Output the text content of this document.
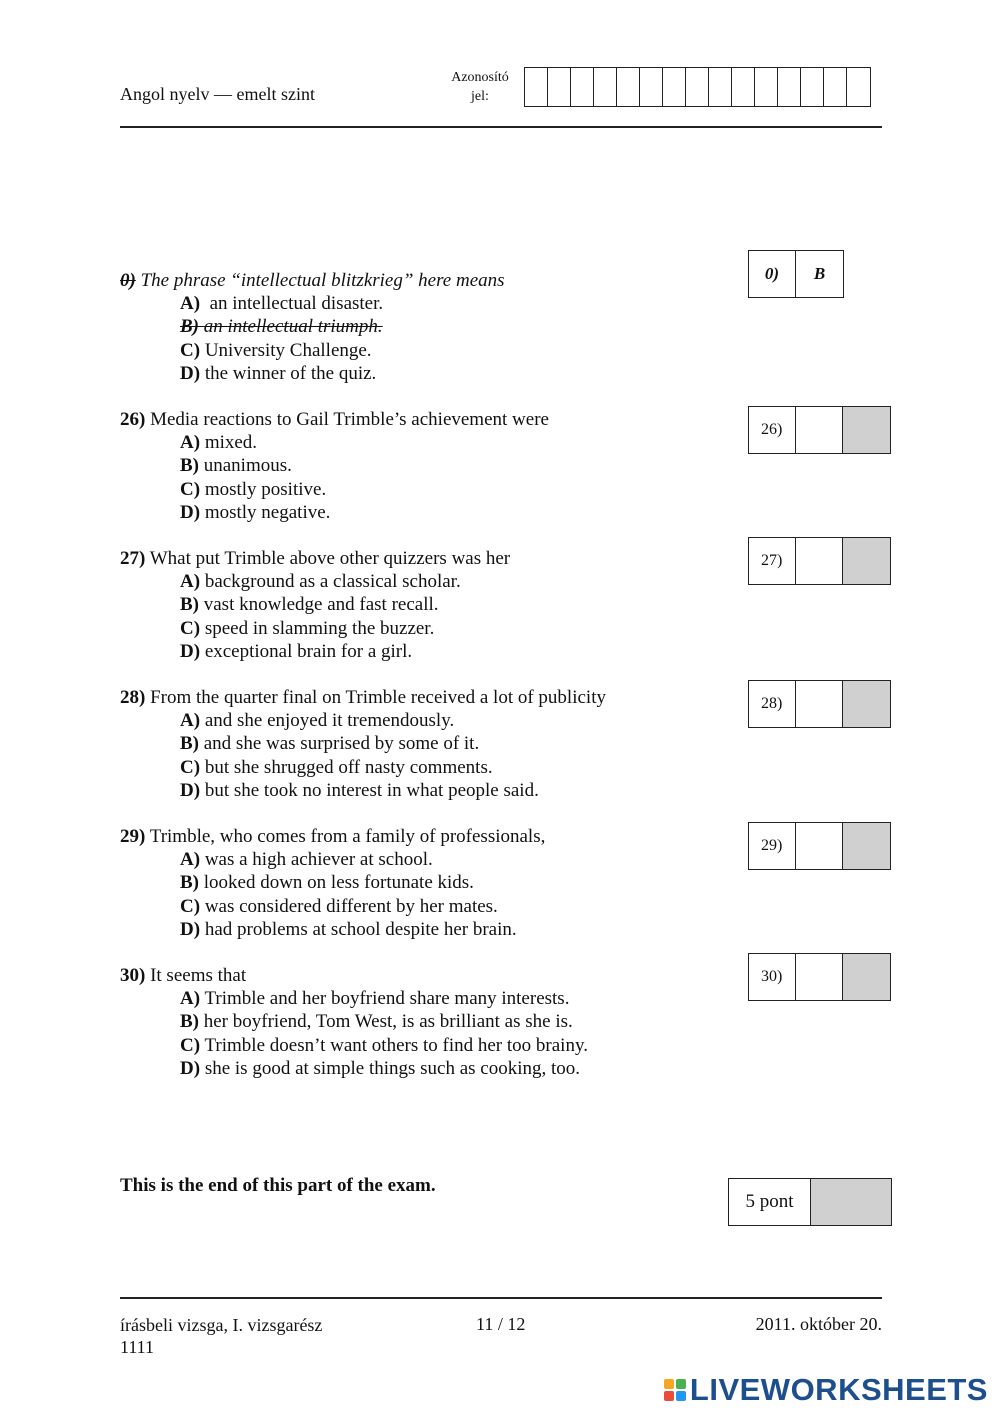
Angol nyelv — emelt szint
Azonosító
jel:
0) The phrase “intellectual blitzkrieg” here means
A) an intellectual disaster.
B) an intellectual triumph.
C) University Challenge.
D) the winner of the quiz.
0)	B
26) Media reactions to Gail Trimble’s achievement were
A) mixed.
B) unanimous.
C) mostly positive.
D) mostly negative.
26)
27) What put Trimble above other quizzers was her
A) background as a classical scholar.
B) vast knowledge and fast recall.
C) speed in slamming the buzzer.
D) exceptional brain for a girl.
27)
28) From the quarter final on Trimble received a lot of publicity
A) and she enjoyed it tremendously.
B) and she was surprised by some of it.
C) but she shrugged off nasty comments.
D) but she took no interest in what people said.
28)
29) Trimble, who comes from a family of professionals,
A) was a high achiever at school.
B) looked down on less fortunate kids.
C) was considered different by her mates.
D) had problems at school despite her brain.
29)
30) It seems that
A) Trimble and her boyfriend share many interests.
B) her boyfriend, Tom West, is as brilliant as she is.
C) Trimble doesn’t want others to find her too brainy.
D) she is good at simple things such as cooking, too.
30)
This is the end of this part of the exam.
5 pont
írásbeli vizsga, I. vizsgarész
1111
11 / 12	2011. október 20.
LIVEWORKSHEETS
